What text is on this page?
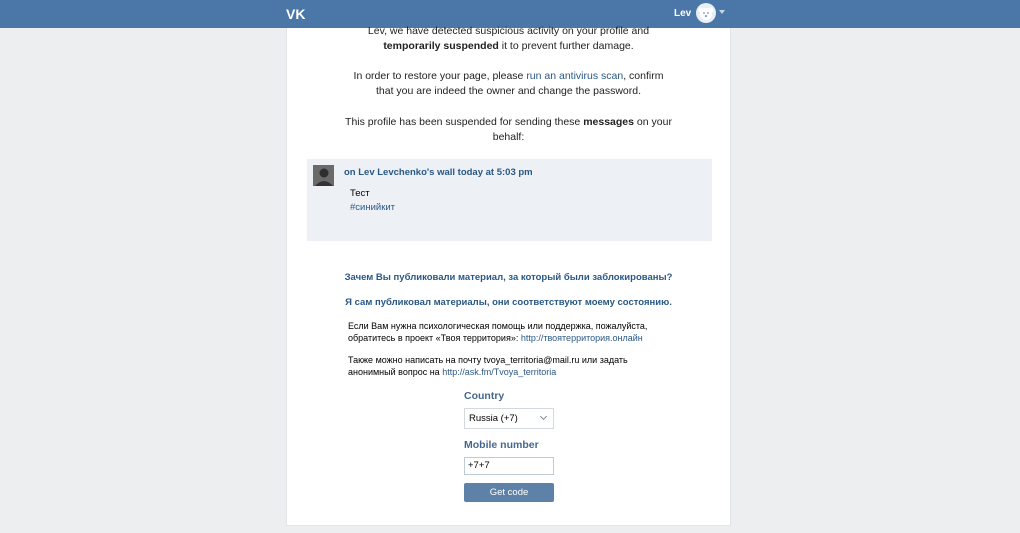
VK	Lev
Lev, we have detected suspicious activity on your profile and
temporarily suspended it to prevent further damage.
In order to restore your page, please run an antivirus scan, confirm
that you are indeed the owner and change the password.
This profile has been suspended for sending these messages on your
behalf:
on Lev Levchenko's wall today at 5:03 pm
Тест
#синийкит
Зачем Вы публиковали материал, за который были заблокированы?
Я сам публиковал материалы, они соответствуют моему состоянию.
Если Вам нужна психологическая помощь или поддержка, пожалуйста,
обратитесь в проект «Твоя территория»: http://твоятерритория.онлайн
Также можно написать на почту tvoya_territoria@mail.ru или задать
анонимный вопрос на http://ask.fm/Tvoya_territoria
Country
Russia (+7)
Mobile number
+7+7
Get code
